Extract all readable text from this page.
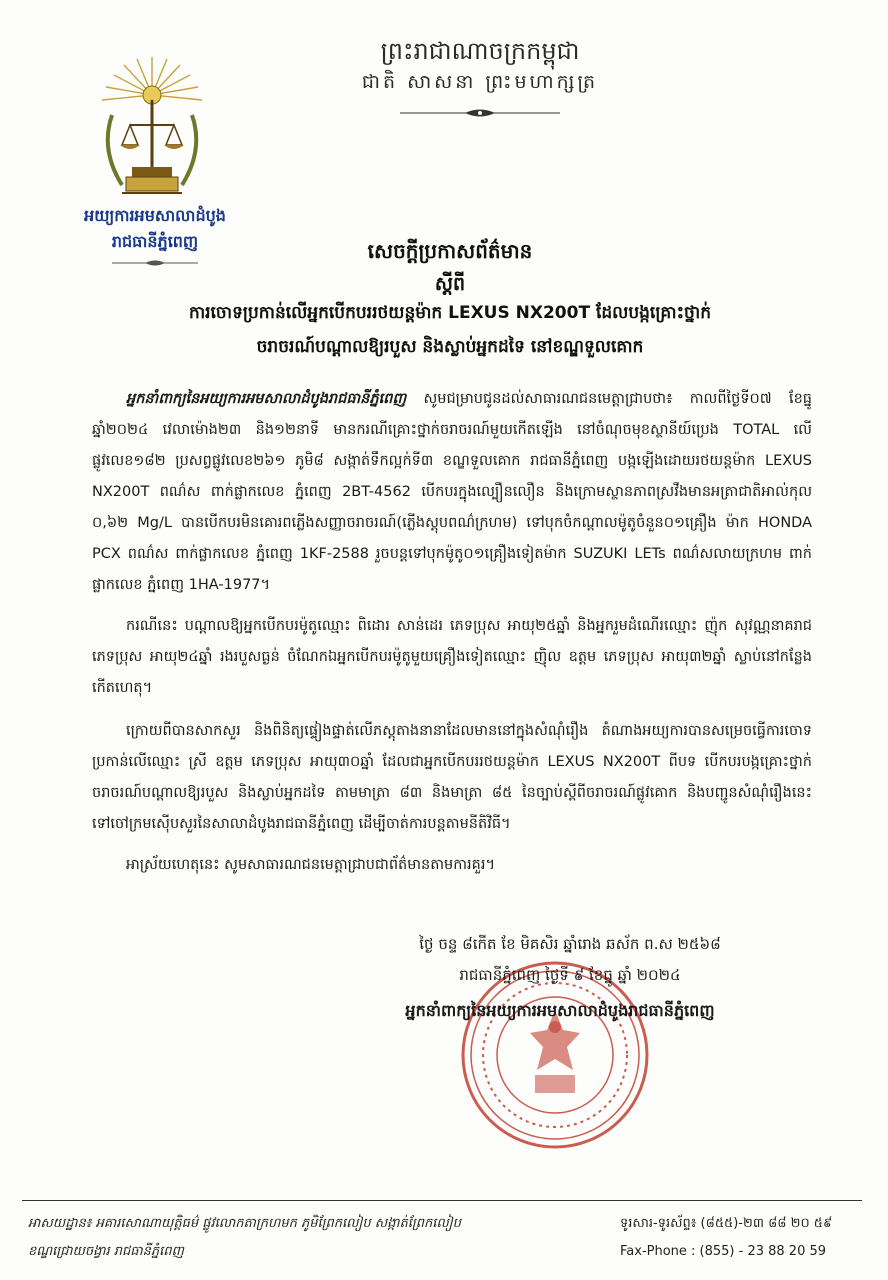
ព្រះរាជាណាចក្រកម្ពុជា
ជាតិ សាសនា ព្រះមហាក្សត្រ
អយ្យការអមសាលាដំបូង
រាជធានីភ្នំពេញ	សេចក្តីប្រកាសព័ត៌មាន
ស្តីពី
ការចោទប្រកាន់លើអ្នកបើកបររថយន្តម៉ាក LEXUS NX200T ដែលបង្កគ្រោះថ្នាក់
ចរាចរណ៍បណ្តាលឱ្យរបួស និងស្លាប់អ្នកដទៃ នៅខណ្ឌទួលគោក

អ្នកនាំពាក្យនៃអយ្យការអមសាលាដំបូងរាជធានីភ្នំពេញ សូមជម្រាបជូនដល់សាធារណជនមេត្តាជ្រាបថា៖ កាលពីថ្ងៃទី០៧ ខែធ្នូ ឆ្នាំ២០២៤ វេលាម៉ោង២៣ និង១២នាទី មានករណីគ្រោះថ្នាក់ចរាចរណ៍មួយកើតឡើង នៅចំណុចមុខស្ថានីយ៍ប្រេង TOTAL លើផ្លូវលេខ១៨២ ប្រសព្វផ្លូវលេខ២៦១ ភូមិ៨ សង្កាត់ទឹកល្អក់ទី៣ ខណ្ឌទួលគោក រាជធានីភ្នំពេញ បង្កឡើងដោយរថយន្តម៉ាក LEXUS NX200T ពណ៌ស ពាក់ផ្លាកលេខ ភ្នំពេញ 2BT-4562 បើកបរក្នុងល្បឿនលឿន និងក្រោមស្ថានភាពស្រវឹងមានអត្រាជាតិអាល់កុល ០,៦២ Mg/L បានបើកបរមិនគោរពភ្លើងសញ្ញាចរាចរណ៍(ភ្លើងស្តុបពណ៌ក្រហម) ទៅបុកចំកណ្តាលម៉ូតូចំនួន០១គ្រឿង ម៉ាក HONDA PCX ពណ៌ស ពាក់ផ្លាកលេខ ភ្នំពេញ 1KF-2588 រួចបន្តទៅបុកម៉ូតូ០១គ្រឿងទៀតម៉ាក SUZUKI LETs ពណ៌សលាយក្រហម ពាក់ផ្លាកលេខ ភ្នំពេញ 1HA-1977។

ករណីនេះ បណ្តាលឱ្យអ្នកបើកបរម៉ូតូឈ្មោះ ពិដោរ សាន់ដេរ ភេទប្រុស អាយុ២៥ឆ្នាំ និងអ្នករួមដំណើរឈ្មោះ ញ៉ុក សុវណ្ណនាគរាជ ភេទប្រុស អាយុ២៤ឆ្នាំ រងរបួសធ្ងន់ ចំណែកឯអ្នកបើកបរម៉ូតូមួយគ្រឿងទៀតឈ្មោះ ញ៉ិល ឧត្តម ភេទប្រុស អាយុ៣២ឆ្នាំ ស្លាប់នៅកន្លែងកើតហេតុ។

ក្រោយពីបានសាកសួរ និងពិនិត្យផ្ទៀងផ្ទាត់លើភស្តុតាងនានាដែលមាននៅក្នុងសំណុំរឿង តំណាងអយ្យការបានសម្រេចធ្វើការចោទប្រកាន់លើឈ្មោះ ស្រី ឧត្តម ភេទប្រុស អាយុ៣០ឆ្នាំ ដែលជាអ្នកបើកបររថយន្តម៉ាក LEXUS NX200T ពីបទ បើកបរបង្កគ្រោះថ្នាក់ចរាចរណ៍បណ្តាលឱ្យរបួស និងស្លាប់អ្នកដទៃ តាមមាត្រា ៨៣ និងមាត្រា ៨៥ នៃច្បាប់ស្តីពីចរាចរណ៍ផ្លូវគោក និងបញ្ជូនសំណុំរឿងនេះទៅចៅក្រមស៊ើបសួរនៃសាលាដំបូងរាជធានីភ្នំពេញ ដើម្បីចាត់ការបន្តតាមនីតិវិធី។

អាស្រ័យហេតុនេះ សូមសាធារណជនមេត្តាជ្រាបជាព័ត៌មានតាមការគួរ។

ថ្ងៃ ចន្ទ ៨កើត ខែ មិគសិរ ឆ្នាំរោង ឆស័ក ព.ស ២៥៦៨
រាជធានីភ្នំពេញ ថ្ងៃទី ៩ ខែធ្នូ ឆ្នាំ ២០២៤
អ្នកនាំពាក្យនៃអយ្យការអមសាលាដំបូងរាជធានីភ្នំពេញ
អាសយដ្ឋាន៖ អគារសោណាយុត្តិធម៌ ផ្លូវលោកតាក្រហមក ភូមិព្រែកលៀប សង្កាត់ព្រែកលៀប
ខណ្ឌជ្រោយចង្វារ រាជធានីភ្នំពេញ
ទូរសារ-ទូរស័ព្ទ៖ (៨៥៥)-២៣ ៨៨ ២០ ៥៩
Fax-Phone : (855) - 23 88 20 59
